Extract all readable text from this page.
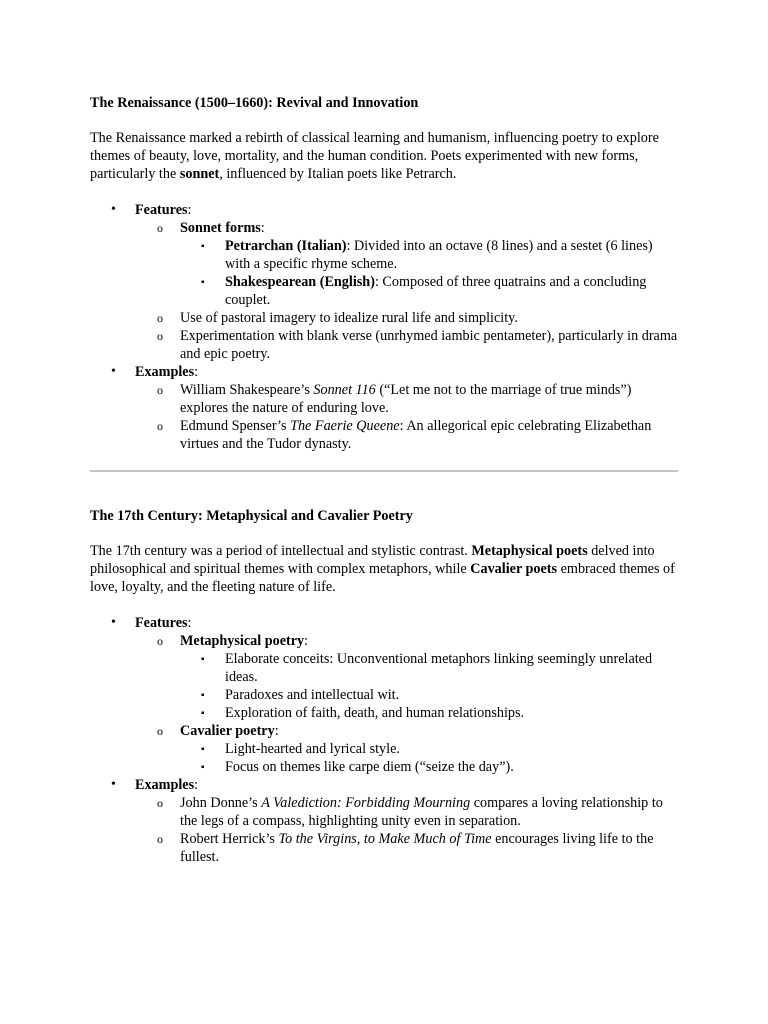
The Renaissance (1500–1660): Revival and Innovation

The Renaissance marked a rebirth of classical learning and humanism, influencing poetry to explore themes of beauty, love, mortality, and the human condition. Poets experimented with new forms, particularly the sonnet, influenced by Italian poets like Petrarch.

• Features:
o Sonnet forms:
▪ Petrarchan (Italian): Divided into an octave (8 lines) and a sestet (6 lines) with a specific rhyme scheme.
▪ Shakespearean (English): Composed of three quatrains and a concluding couplet.
o Use of pastoral imagery to idealize rural life and simplicity.
o Experimentation with blank verse (unrhymed iambic pentameter), particularly in drama and epic poetry.
• Examples:
o William Shakespeare’s Sonnet 116 (“Let me not to the marriage of true minds”) explores the nature of enduring love.
o Edmund Spenser’s The Faerie Queene: An allegorical epic celebrating Elizabethan virtues and the Tudor dynasty.
The 17th Century: Metaphysical and Cavalier Poetry

The 17th century was a period of intellectual and stylistic contrast. Metaphysical poets delved into philosophical and spiritual themes with complex metaphors, while Cavalier poets embraced themes of love, loyalty, and the fleeting nature of life.

• Features:
o Metaphysical poetry:
▪ Elaborate conceits: Unconventional metaphors linking seemingly unrelated ideas.
▪ Paradoxes and intellectual wit.
▪ Exploration of faith, death, and human relationships.
o Cavalier poetry:
▪ Light-hearted and lyrical style.
▪ Focus on themes like carpe diem (“seize the day”).
• Examples:
o John Donne’s A Valediction: Forbidding Mourning compares a loving relationship to the legs of a compass, highlighting unity even in separation.
o Robert Herrick’s To the Virgins, to Make Much of Time encourages living life to the fullest.
